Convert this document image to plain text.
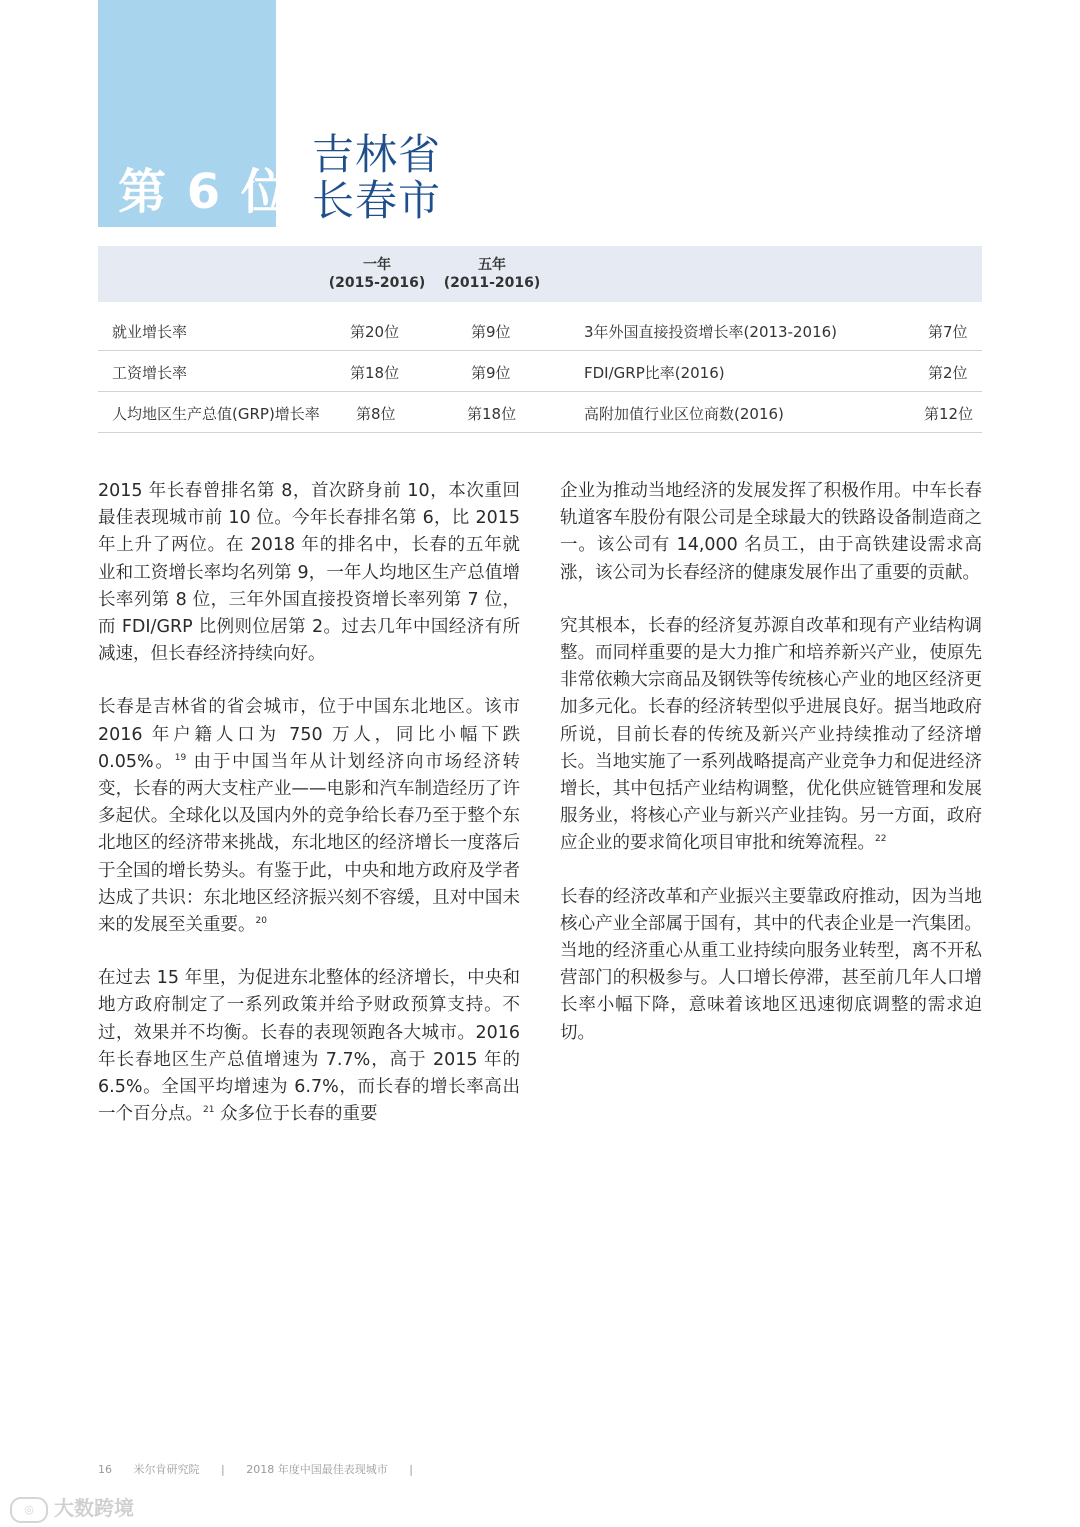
第 6 位
吉林省
长春市
一年
(2015-2016)
五年
(2011-2016)
就业增长率	第20位	第9位	3年外国直接投资增长率(2013-2016)	第7位
工资增长率	第18位	第9位	FDI/GRP比率(2016)	第2位
人均地区生产总值(GRP)增长率 第8位	第18位	高附加值行业区位商数(2016)	第12位

2015 年长春曾排名第 8，首次跻身前 10，本次重回最佳表现城市前 10 位。今年长春排名第 6，比 2015 年上升了两位。在 2018 年的排名中，长春的五年就业和工资增长率均名列第 9，一年人均地区生产总值增长率列第 8 位，三年外国直接投资增长率列第 7 位，而 FDI/GRP 比例则位居第 2。过去几年中国经济有所减速，但长春经济持续向好。

长春是吉林省的省会城市，位于中国东北地区。该市 2016 年户籍人口为 750 万人，同比小幅下跌 0.05%。$^{19}$ 由于中国当年从计划经济向市场经济转变，长春的两大支柱产业——电影和汽车制造经历了许多起伏。全球化以及国内外的竞争给长春乃至于整个东北地区的经济带来挑战，东北地区的经济增长一度落后于全国的增长势头。有鉴于此，中央和地方政府及学者达成了共识：东北地区经济振兴刻不容缓，且对中国未来的发展至关重要。$^{20}$

在过去 15 年里，为促进东北整体的经济增长，中央和地方政府制定了一系列政策并给予财政预算支持。不过，效果并不均衡。长春的表现领跑各大城市。2016 年长春地区生产总值增速为 7.7%，高于 2015 年的 6.5%。全国平均增速为 6.7%，而长春的增长率高出一个百分点。$^{21}$ 众多位于长春的重要

企业为推动当地经济的发展发挥了积极作用。中车长春轨道客车股份有限公司是全球最大的铁路设备制造商之一。该公司有 14,000 名员工，由于高铁建设需求高涨，该公司为长春经济的健康发展作出了重要的贡献。

究其根本，长春的经济复苏源自改革和现有产业结构调整。而同样重要的是大力推广和培养新兴产业，使原先非常依赖大宗商品及钢铁等传统核心产业的地区经济更加多元化。长春的经济转型似乎进展良好。据当地政府所说，目前长春的传统及新兴产业持续推动了经济增长。当地实施了一系列战略提高产业竞争力和促进经济增长，其中包括产业结构调整，优化供应链管理和发展服务业，将核心产业与新兴产业挂钩。另一方面，政府应企业的要求简化项目审批和统筹流程。$^{22}$

长春的经济改革和产业振兴主要靠政府推动，因为当地核心产业全部属于国有，其中的代表企业是一汽集团。当地的经济重心从重工业持续向服务业转型，离不开私营部门的积极参与。人口增长停滞，甚至前几年人口增长率小幅下降，意味着该地区迅速彻底调整的需求迫切。

16 米尔肯研究院 | 2018 年度中国最佳表现城市 |
◎ 大数跨境
